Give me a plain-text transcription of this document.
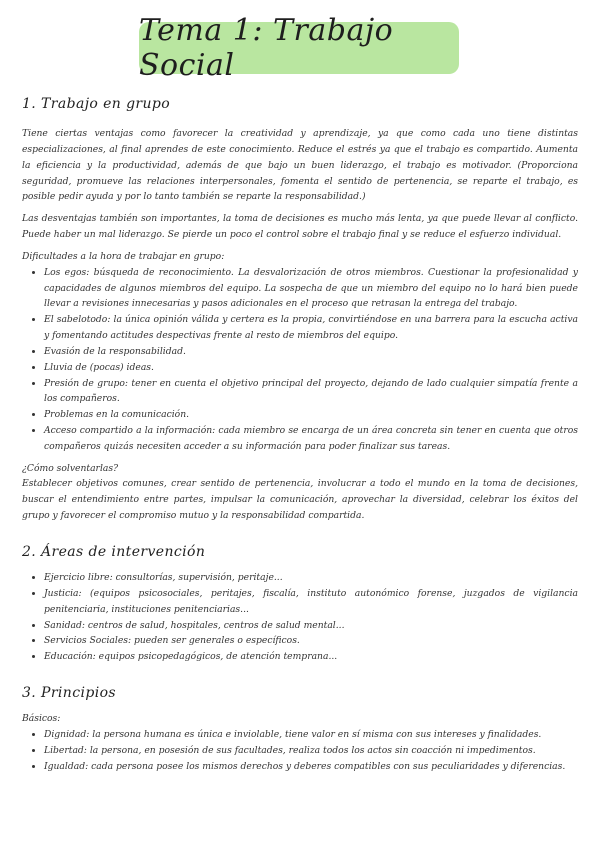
Tema 1: Trabajo Social
1. Trabajo en grupo

Tiene ciertas ventajas como favorecer la creatividad y aprendizaje, ya que como cada uno tiene distintas especializaciones, al final aprendes de este conocimiento. Reduce el estrés ya que el trabajo es compartido. Aumenta la eficiencia y la productividad, además de que bajo un buen liderazgo, el trabajo es motivador. (Proporciona seguridad, promueve las relaciones interpersonales, fomenta el sentido de pertenencia, se reparte el trabajo, es posible pedir ayuda y por lo tanto también se reparte la responsabilidad.)

Las desventajas también son importantes, la toma de decisiones es mucho más lenta, ya que puede llevar al conflicto. Puede haber un mal liderazgo. Se pierde un poco el control sobre el trabajo final y se reduce el esfuerzo individual.

Dificultades a la hora de trabajar en grupo:

• Los egos: búsqueda de reconocimiento. La desvalorización de otros miembros. Cuestionar la profesionalidad y capacidades de algunos miembros del equipo. La sospecha de que un miembro del equipo no lo hará bien puede llevar a revisiones innecesarias y pasos adicionales en el proceso que retrasan la entrega del trabajo.
• El sabelotodo: la única opinión válida y certera es la propia, convirtiéndose en una barrera para la escucha activa y fomentando actitudes despectivas frente al resto de miembros del equipo.
• Evasión de la responsabilidad.
• Lluvia de (pocas) ideas.
• Presión de grupo: tener en cuenta el objetivo principal del proyecto, dejando de lado cualquier simpatía frente a los compañeros.
• Problemas en la comunicación.
• Acceso compartido a la información: cada miembro se encarga de un área concreta sin tener en cuenta que otros compañeros quizás necesiten acceder a su información para poder finalizar sus tareas.

¿Cómo solventarlas?

Establecer objetivos comunes, crear sentido de pertenencia, involucrar a todo el mundo en la toma de decisiones, buscar el entendimiento entre partes, impulsar la comunicación, aprovechar la diversidad, celebrar los éxitos del grupo y favorecer el compromiso mutuo y la responsabilidad compartida.

2. Áreas de intervención
• Ejercicio libre: consultorías, supervisión, peritaje...
• Justicia: (equipos psicosociales, peritajes, fiscalía, instituto autonómico forense, juzgados de vigilancia penitenciaria, instituciones penitenciarias...
• Sanidad: centros de salud, hospitales, centros de salud mental...
• Servicios Sociales: pueden ser generales o específicos.
• Educación: equipos psicopedagógicos, de atención temprana...
3. Principios

Básicos:

• Dignidad: la persona humana es única e inviolable, tiene valor en sí misma con sus intereses y finalidades.
• Libertad: la persona, en posesión de sus facultades, realiza todos los actos sin coacción ni impedimentos.
• Igualdad: cada persona posee los mismos derechos y deberes compatibles con sus peculiaridades y diferencias.
